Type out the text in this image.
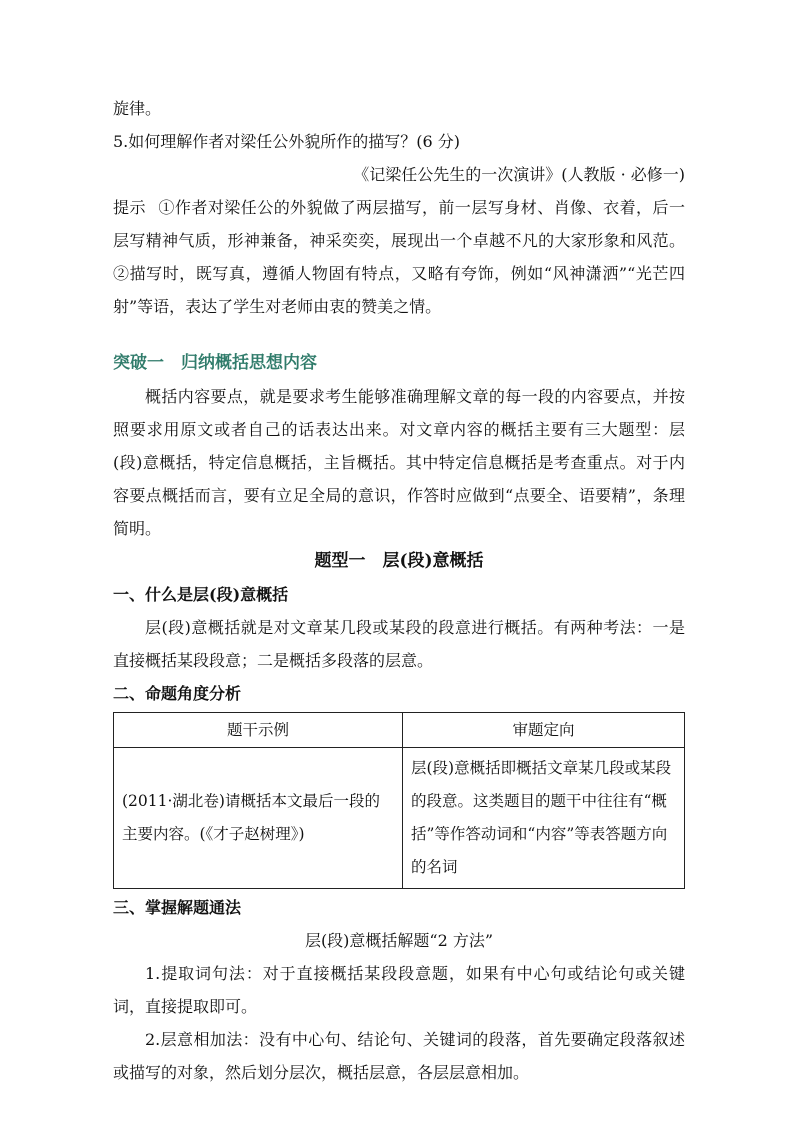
旋律。

5.如何理解作者对梁任公外貌所作的描写？(6 分)

《记梁任公先生的一次演讲》(人教版 · 必修一)

提示 ①作者对梁任公的外貌做了两层描写，前一层写身材、肖像、衣着，后一层写精神气质，形神兼备，神采奕奕，展现出一个卓越不凡的大家形象和风范。②描写时，既写真，遵循人物固有特点，又略有夸饰，例如“风神潇洒”“光芒四射”等语，表达了学生对老师由衷的赞美之情。

突破一　归纳概括思想内容

概括内容要点，就是要求考生能够准确理解文章的每一段的内容要点，并按照要求用原文或者自己的话表达出来。对文章内容的概括主要有三大题型：层(段)意概括，特定信息概括，主旨概括。其中特定信息概括是考查重点。对于内容要点概括而言，要有立足全局的意识，作答时应做到“点要全、语要精”，条理简明。

题型一　层(段)意概括

一、什么是层(段)意概括

层(段)意概括就是对文章某几段或某段的段意进行概括。有两种考法：一是直接概括某段段意；二是概括多段落的层意。

二、命题角度分析

题干示例	审题定向
(2011·湖北卷)请概括本文最后一段的主要内容。(《才子赵树理》)	层(段)意概括即概括文章某几段或某段的段意。这类题目的题干中往往有“概括”等作答动词和“内容”等表答题方向的名词

三、掌握解题通法

层(段)意概括解题“2 方法”

1.提取词句法：对于直接概括某段段意题，如果有中心句或结论句或关键词，直接提取即可。

2.层意相加法：没有中心句、结论句、关键词的段落，首先要确定段落叙述或描写的对象，然后划分层次，概括层意，各层层意相加。
